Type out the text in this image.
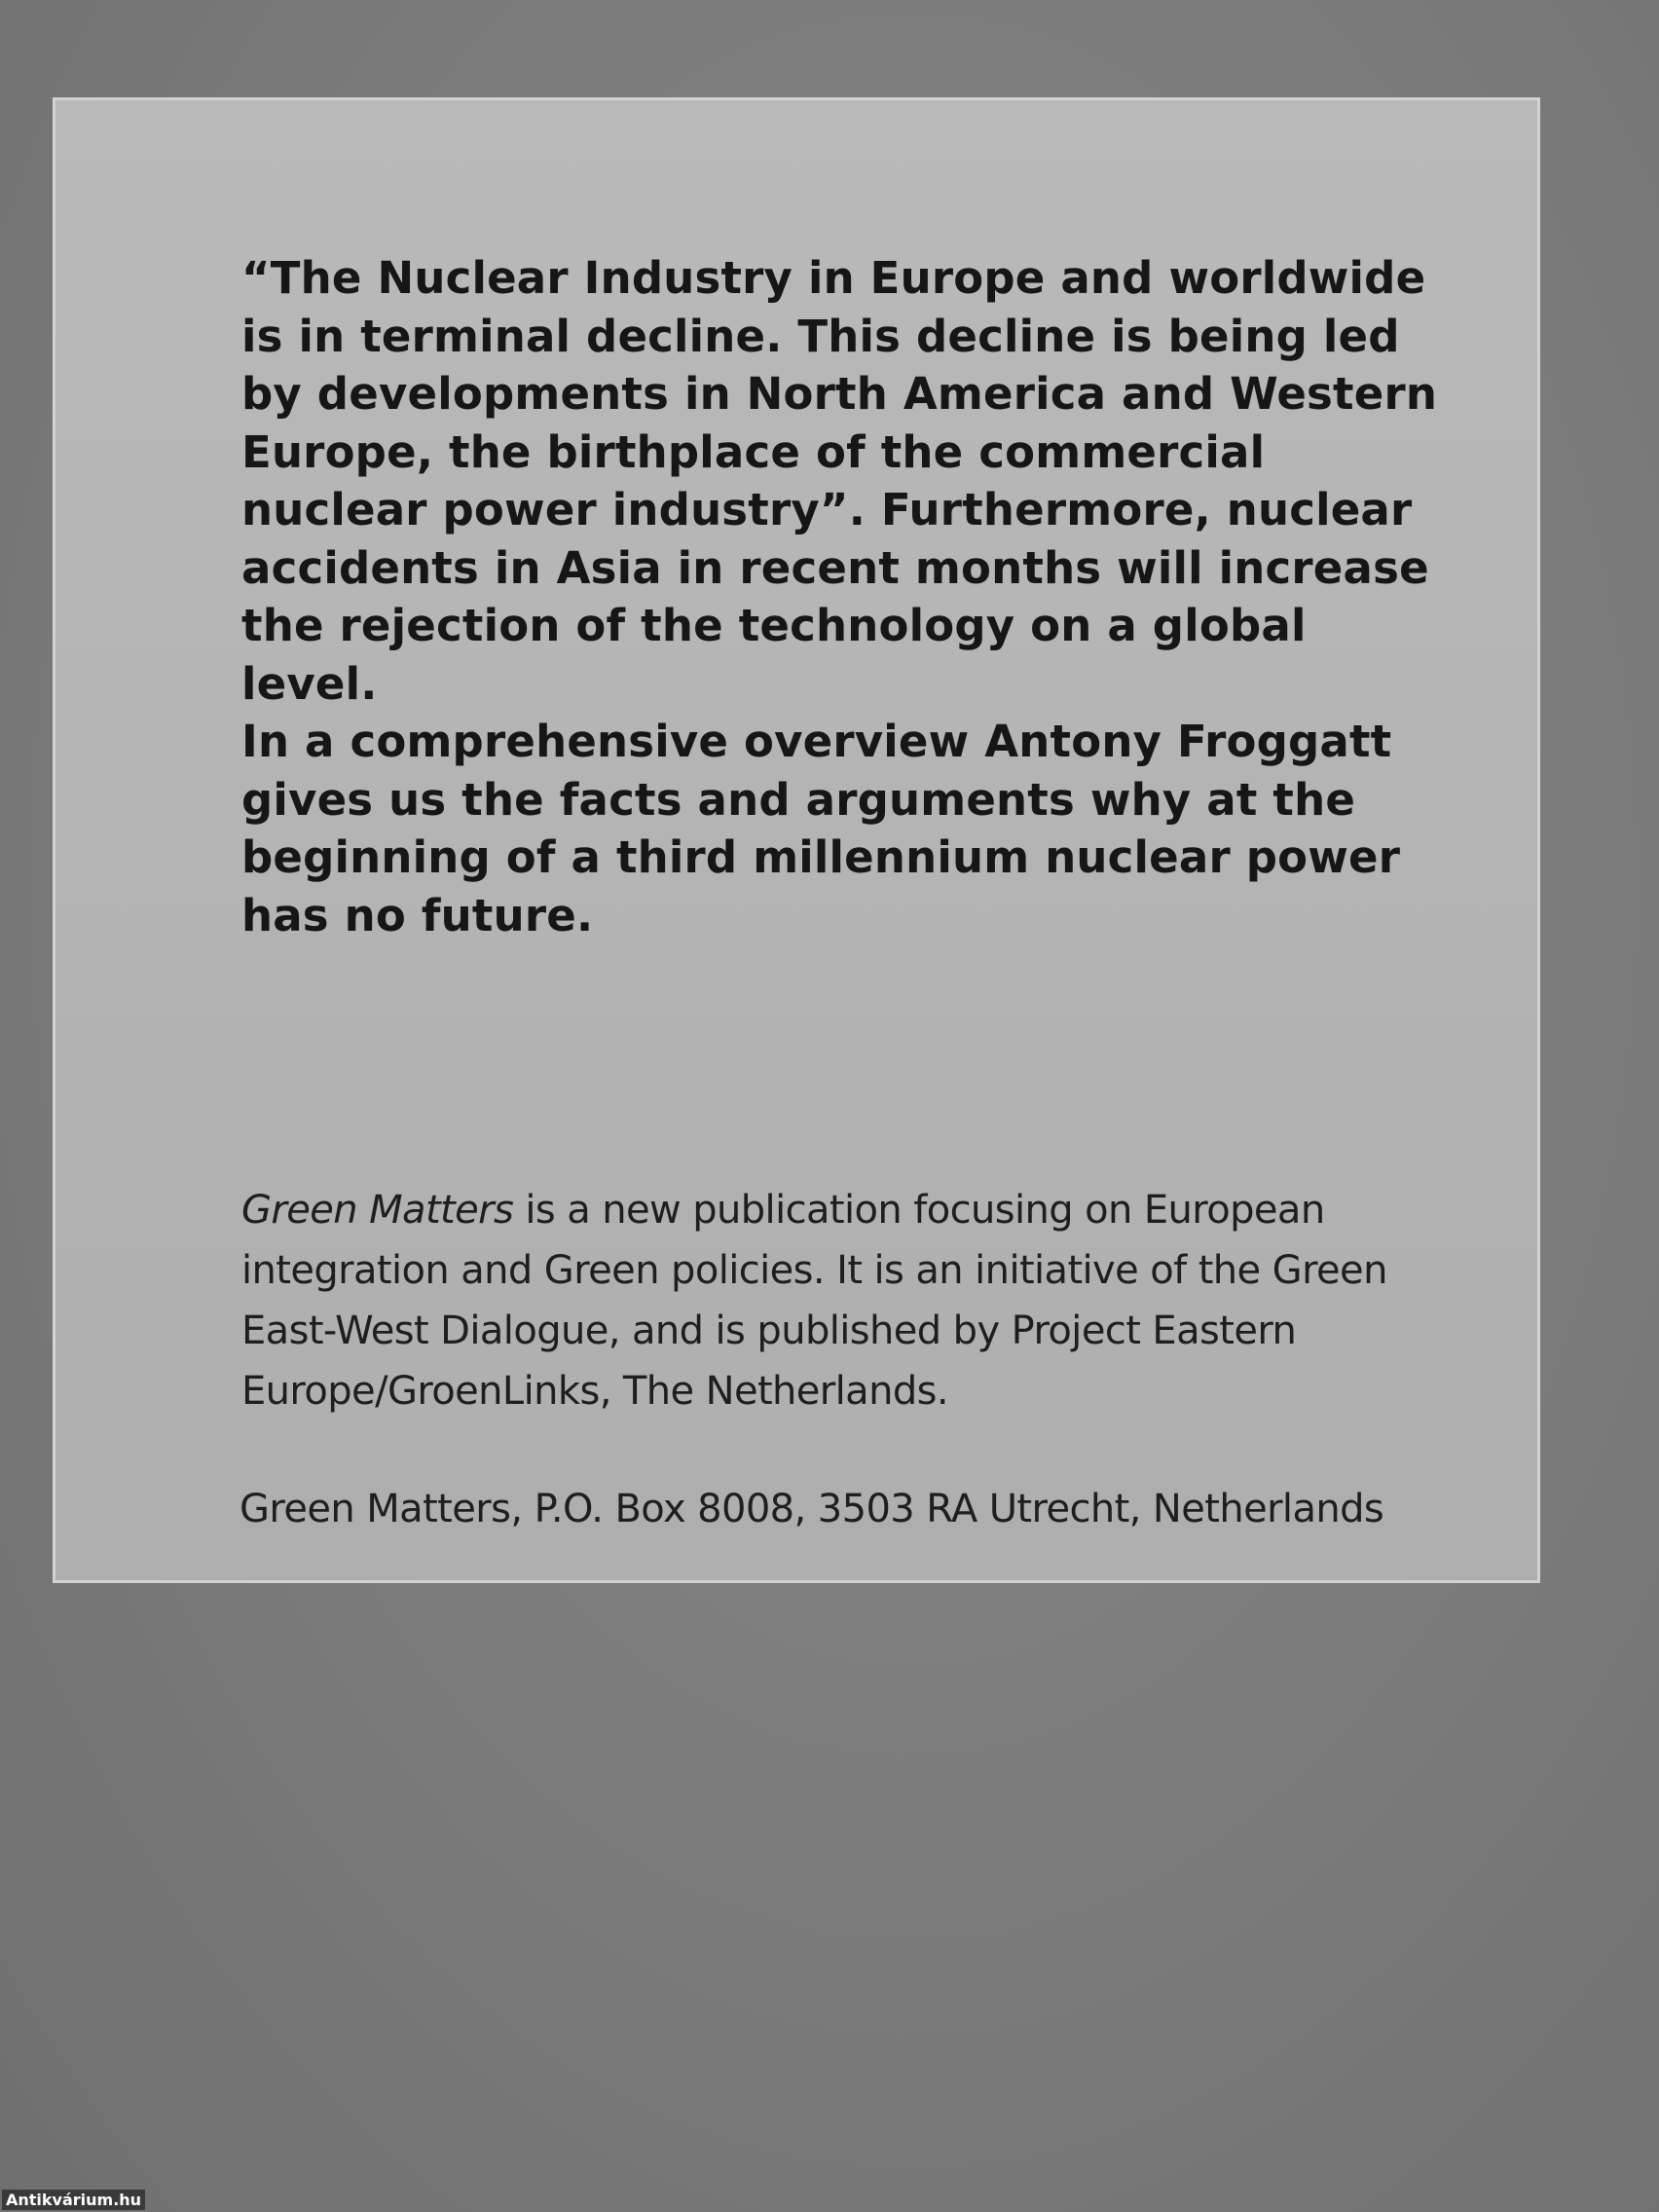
“The Nuclear Industry in Europe and worldwide is in terminal decline. This decline is being led by developments in North America and Western Europe, the birthplace of the commercial nuclear power industry”. Furthermore, nuclear accidents in Asia in recent months will increase the rejection of the technology on a global level.

In a comprehensive overview Antony Froggatt gives us the facts and arguments why at the beginning of a third millennium nuclear power has no future.

Green Matters is a new publication focusing on European integration and Green policies. It is an initiative of the Green East-West Dialogue, and is published by Project Eastern Europe/GroenLinks, The Netherlands.

Green Matters, P.O. Box 8008, 3503 RA Utrecht, Netherlands

Antikvárium.hu
